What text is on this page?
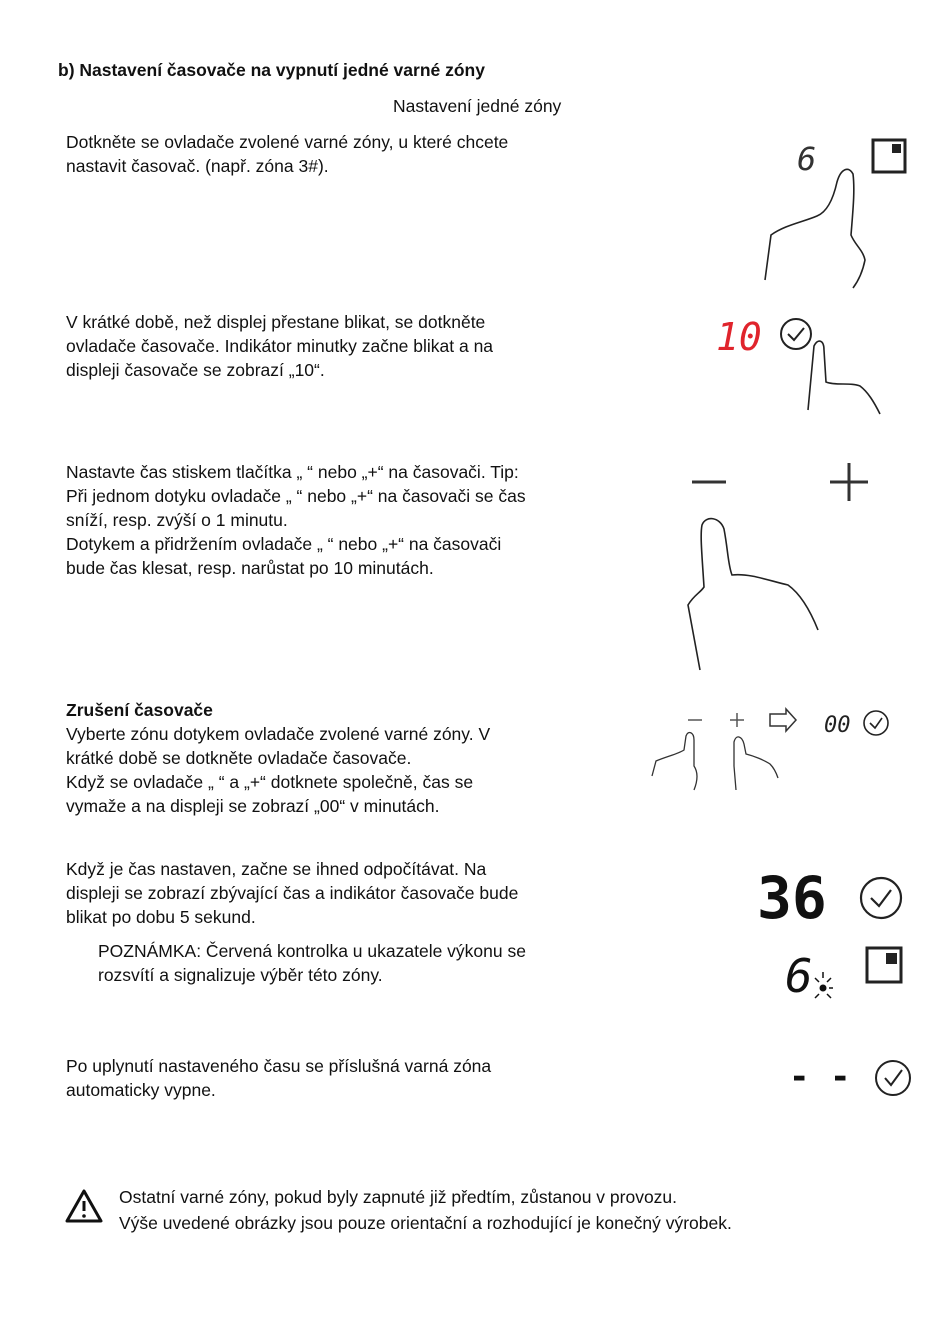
b) Nastavení časovače na vypnutí jedné varné zóny
Nastavení jedné zóny
Dotkněte se ovladače zvolené varné zóny, u které chcete
nastavit časovač. (např. zóna 3#).	6
V krátké době, než displej přestane blikat, se dotkněte
ovladače časovače. Indikátor minutky začne blikat a na
displeji časovače se zobrazí „10“.
10
Nastavte čas stiskem tlačítka „ “ nebo „+“ na časovači. Tip:
Při jednom dotyku ovladače „ “ nebo „+“ na časovači se čas
sníží, resp. zvýší o 1 minutu.
Dotykem a přidržením ovladače „ “ nebo „+“ na časovači
bude čas klesat, resp. narůstat po 10 minutách.
Zrušení časovače
Vyberte zónu dotykem ovladače zvolené varné zóny. V
krátké době se dotkněte ovladače časovače.
Když se ovladače „ “ a „+“ dotknete společně, čas se
vymaže a na displeji se zobrazí „00“ v minutách.
00
Když je čas nastaven, začne se ihned odpočítávat. Na
displeji se zobrazí zbývající čas a indikátor časovače bude
blikat po dobu 5 sekund.
POZNÁMKA: Červená kontrolka u ukazatele výkonu se
rozsvítí a signalizuje výběr této zóny.
36
6
Po uplynutí nastaveného času se příslušná varná zóna
automaticky vypne.	- -
Ostatní varné zóny, pokud byly zapnuté již předtím, zůstanou v provozu.
Výše uvedené obrázky jsou pouze orientační a rozhodující je konečný výrobek.
